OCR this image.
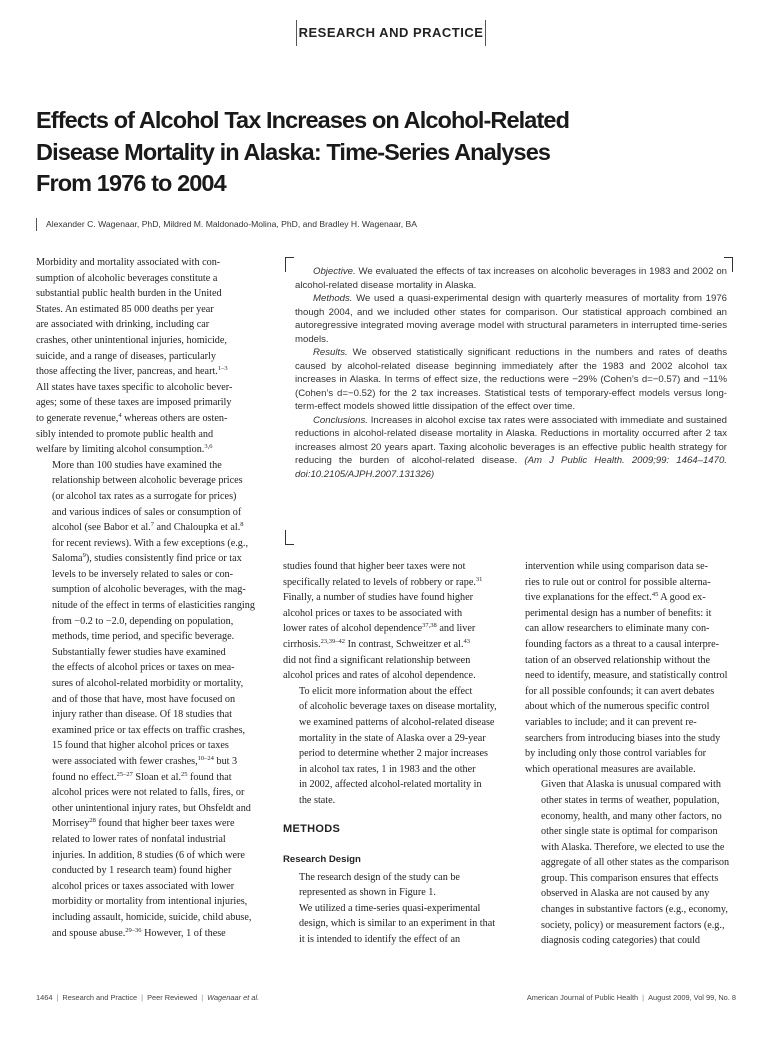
RESEARCH AND PRACTICE
Effects of Alcohol Tax Increases on Alcohol-Related
Disease Mortality in Alaska: Time-Series Analyses
From 1976 to 2004
Alexander C. Wagenaar, PhD, Mildred M. Maldonado-Molina, PhD, and Bradley H. Wagenaar, BA

Morbidity and mortality associated with con-
sumption of alcoholic beverages constitute a
substantial public health burden in the United
States. An estimated 85 000 deaths per year
are associated with drinking, including car
crashes, other unintentional injuries, homicide,
suicide, and a range of diseases, particularly
those affecting the liver, pancreas, and heart.$^{1-3}$
All states have taxes specific to alcoholic bever-
ages; some of these taxes are imposed primarily
to generate revenue,$^4$ whereas others are osten-
sibly intended to promote public health and
welfare by limiting alcohol consumption.$^{3,6}$

More than 100 studies have examined the
relationship between alcoholic beverage prices
(or alcohol tax rates as a surrogate for prices)
and various indices of sales or consumption of
alcohol (see Babor et al.$^7$ and Chaloupka et al.$^8$
for recent reviews). With a few exceptions (e.g.,
Saloma$^9$), studies consistently find price or tax
levels to be inversely related to sales or con-
sumption of alcoholic beverages, with the mag-
nitude of the effect in terms of elasticities ranging
from −0.2 to −2.0, depending on population,
methods, time period, and specific beverage.

Substantially fewer studies have examined
the effects of alcohol prices or taxes on mea-
sures of alcohol-related morbidity or mortality,
and of those that have, most have focused on
injury rather than disease. Of 18 studies that
examined price or tax effects on traffic crashes,
15 found that higher alcohol prices or taxes
were associated with fewer crashes,$^{10-24}$ but 3
found no effect.$^{25-27}$ Sloan et al.$^{25}$ found that
alcohol prices were not related to falls, fires, or
other unintentional injury rates, but Ohsfeldt and
Morrisey$^{28}$ found that higher beer taxes were
related to lower rates of nonfatal industrial
injuries. In addition, 8 studies (6 of which were
conducted by 1 research team) found higher
alcohol prices or taxes associated with lower
morbidity or mortality from intentional injuries,
including assault, homicide, suicide, child abuse,
and spouse abuse.$^{29-36}$ However, 1 of these

Objective. We evaluated the effects of tax increases on alcoholic beverages in 1983 and 2002 on alcohol-related disease mortality in Alaska.

Methods. We used a quasi-experimental design with quarterly measures of mortality from 1976 though 2004, and we included other states for comparison. Our statistical approach combined an autoregressive integrated moving average model with structural parameters in interrupted time-series models.

Results. We observed statistically significant reductions in the numbers and rates of deaths caused by alcohol-related disease beginning immediately after the 1983 and 2002 alcohol tax increases in Alaska. In terms of effect size, the reductions were −29% (Cohen’s d=−0.57) and −11% (Cohen’s d=−0.52) for the 2 tax increases. Statistical tests of temporary-effect models versus long-term-effect models showed little dissipation of the effect over time.

Conclusions. Increases in alcohol excise tax rates were associated with immediate and sustained reductions in alcohol-related disease mortality in Alaska. Reductions in mortality occurred after 2 tax increases almost 20 years apart. Taxing alcoholic beverages is an effective public health strategy for reducing the burden of alcohol-related disease. (Am J Public Health. 2009;99: 1464–1470. doi:10.2105/AJPH.2007.131326)

studies found that higher beer taxes were not
specifically related to levels of robbery or rape.$^{31}$
Finally, a number of studies have found higher
alcohol prices or taxes to be associated with
lower rates of alcohol dependence$^{37,38}$ and liver
cirrhosis.$^{23,39-42}$ In contrast, Schweitzer et al.$^{43}$
did not find a significant relationship between
alcohol prices and rates of alcohol dependence.

To elicit more information about the effect
of alcoholic beverage taxes on disease mortality,
we examined patterns of alcohol-related disease
mortality in the state of Alaska over a 29-year
period to determine whether 2 major increases
in alcohol tax rates, 1 in 1983 and the other
in 2002, affected alcohol-related mortality in
the state.

METHODS
Research Design

The research design of the study can be
represented as shown in Figure 1.

We utilized a time-series quasi-experimental
design, which is similar to an experiment in that
it is intended to identify the effect of an

intervention while using comparison data se-
ries to rule out or control for possible alterna-
tive explanations for the effect.$^{45}$ A good ex-
perimental design has a number of benefits: it
can allow researchers to eliminate many con-
founding factors as a threat to a causal interpre-
tation of an observed relationship without the
need to identify, measure, and statistically control
for all possible confounds; it can avert debates
about which of the numerous specific control
variables to include; and it can prevent re-
searchers from introducing biases into the study
by including only those control variables for
which operational measures are available.

Given that Alaska is unusual compared with
other states in terms of weather, population,
economy, health, and many other factors, no
other single state is optimal for comparison
with Alaska. Therefore, we elected to use the
aggregate of all other states as the comparison
group. This comparison ensures that effects
observed in Alaska are not caused by any
changes in substantive factors (e.g., economy,
society, policy) or measurement factors (e.g.,
diagnosis coding categories) that could

1464 | Research and Practice | Peer Reviewed | Wagenaar et al.	American Journal of Public Health | August 2009, Vol 99, No. 8
